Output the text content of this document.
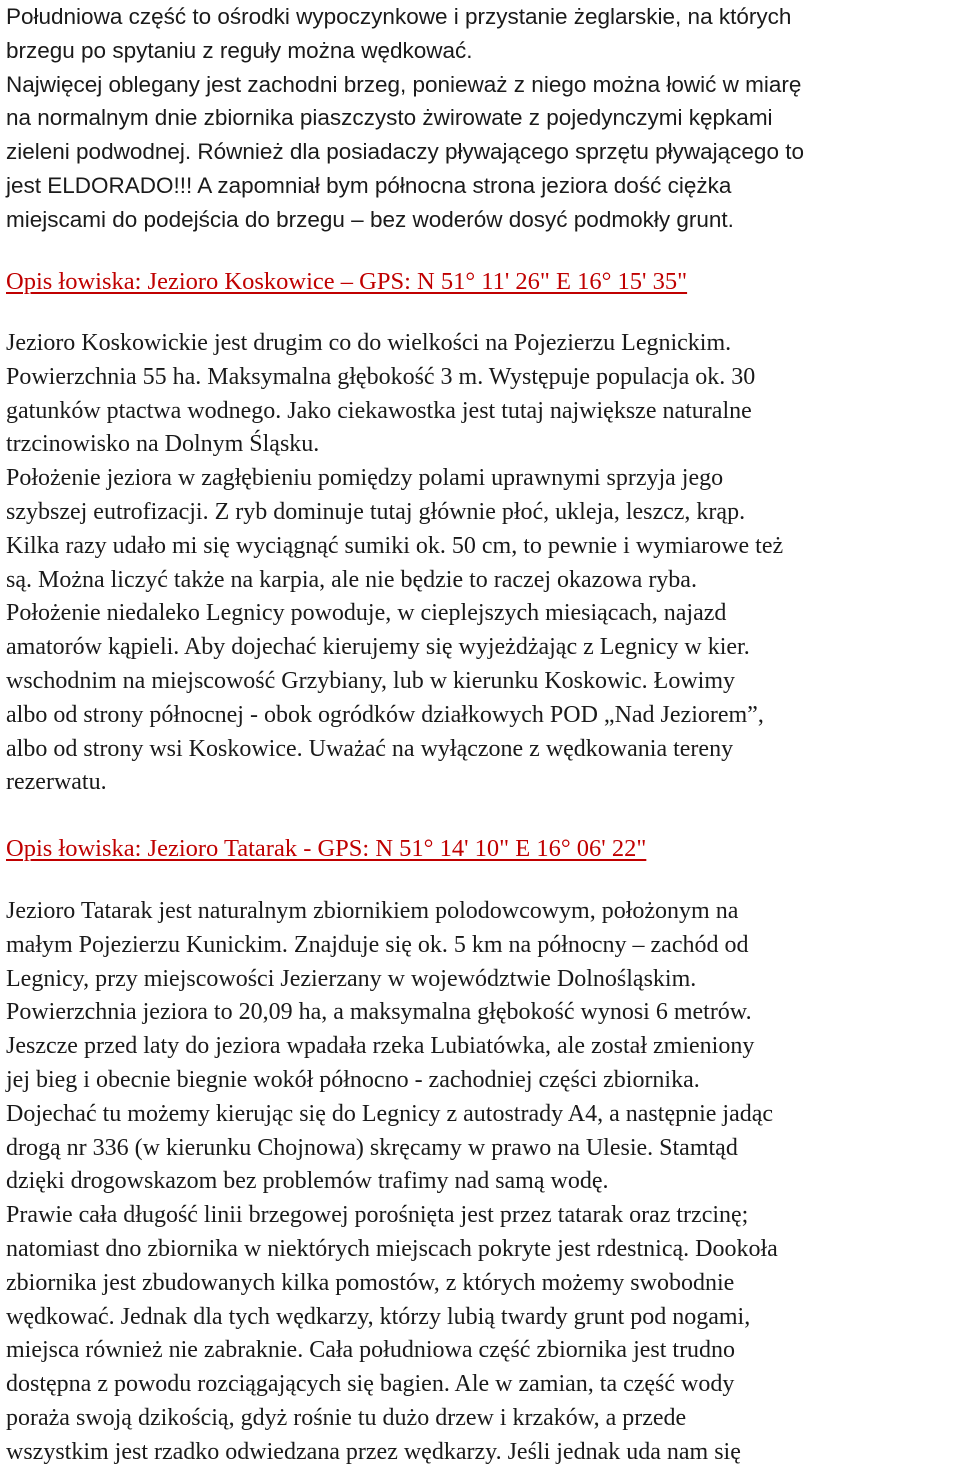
Południowa część to ośrodki wypoczynkowe i przystanie żeglarskie, na których
brzegu po spytaniu z reguły można wędkować.
Najwięcej oblegany jest zachodni brzeg, ponieważ z niego można łowić w miarę
na normalnym dnie zbiornika piaszczysto żwirowate z pojedynczymi kępkami
zieleni podwodnej. Również dla posiadaczy pływającego sprzętu pływającego to
jest ELDORADO!!! A zapomniał bym północna strona jeziora dość ciężka
miejscami do podejścia do brzegu – bez woderów dosyć podmokły grunt.
Opis łowiska: Jezioro Koskowice – GPS: N 51° 11' 26" E 16° 15' 35"
Jezioro Koskowickie jest drugim co do wielkości na Pojezierzu Legnickim.
Powierzchnia 55 ha. Maksymalna głębokość 3 m. Występuje populacja ok. 30
gatunków ptactwa wodnego. Jako ciekawostka jest tutaj największe naturalne
trzcinowisko na Dolnym Śląsku.
Położenie jeziora w zagłębieniu pomiędzy polami uprawnymi sprzyja jego
szybszej eutrofizacji. Z ryb dominuje tutaj głównie płoć, ukleja, leszcz, krąp.
Kilka razy udało mi się wyciągnąć sumiki ok. 50 cm, to pewnie i wymiarowe też
są. Można liczyć także na karpia, ale nie będzie to raczej okazowa ryba.
Położenie niedaleko Legnicy powoduje, w cieplejszych miesiącach, najazd
amatorów kąpieli. Aby dojechać kierujemy się wyjeżdżając z Legnicy w kier.
wschodnim na miejscowość Grzybiany, lub w kierunku Koskowic. Łowimy
albo od strony północnej - obok ogródków działkowych POD „Nad Jeziorem”,
albo od strony wsi Koskowice. Uważać na wyłączone z wędkowania tereny
rezerwatu.
Opis łowiska: Jezioro Tatarak - GPS: N 51° 14' 10" E 16° 06' 22"
Jezioro Tatarak jest naturalnym zbiornikiem polodowcowym, położonym na
małym Pojezierzu Kunickim. Znajduje się ok. 5 km na północny – zachód od
Legnicy, przy miejscowości Jezierzany w województwie Dolnośląskim.
Powierzchnia jeziora to 20,09 ha, a maksymalna głębokość wynosi 6 metrów.
Jeszcze przed laty do jeziora wpadała rzeka Lubiatówka, ale został zmieniony
jej bieg i obecnie biegnie wokół północno - zachodniej części zbiornika.
Dojechać tu możemy kierując się do Legnicy z autostrady A4, a następnie jadąc
drogą nr 336 (w kierunku Chojnowa) skręcamy w prawo na Ulesie. Stamtąd
dzięki drogowskazom bez problemów trafimy nad samą wodę.
Prawie cała długość linii brzegowej porośnięta jest przez tatarak oraz trzcinę;
natomiast dno zbiornika w niektórych miejscach pokryte jest rdestnicą. Dookoła
zbiornika jest zbudowanych kilka pomostów, z których możemy swobodnie
wędkować. Jednak dla tych wędkarzy, którzy lubią twardy grunt pod nogami,
miejsca również nie zabraknie. Cała południowa część zbiornika jest trudno
dostępna z powodu rozciągających się bagien. Ale w zamian, ta część wody
poraża swoją dzikością, gdyż rośnie tu dużo drzew i krzaków, a przede
wszystkim jest rzadko odwiedzana przez wędkarzy. Jeśli jednak uda nam się
